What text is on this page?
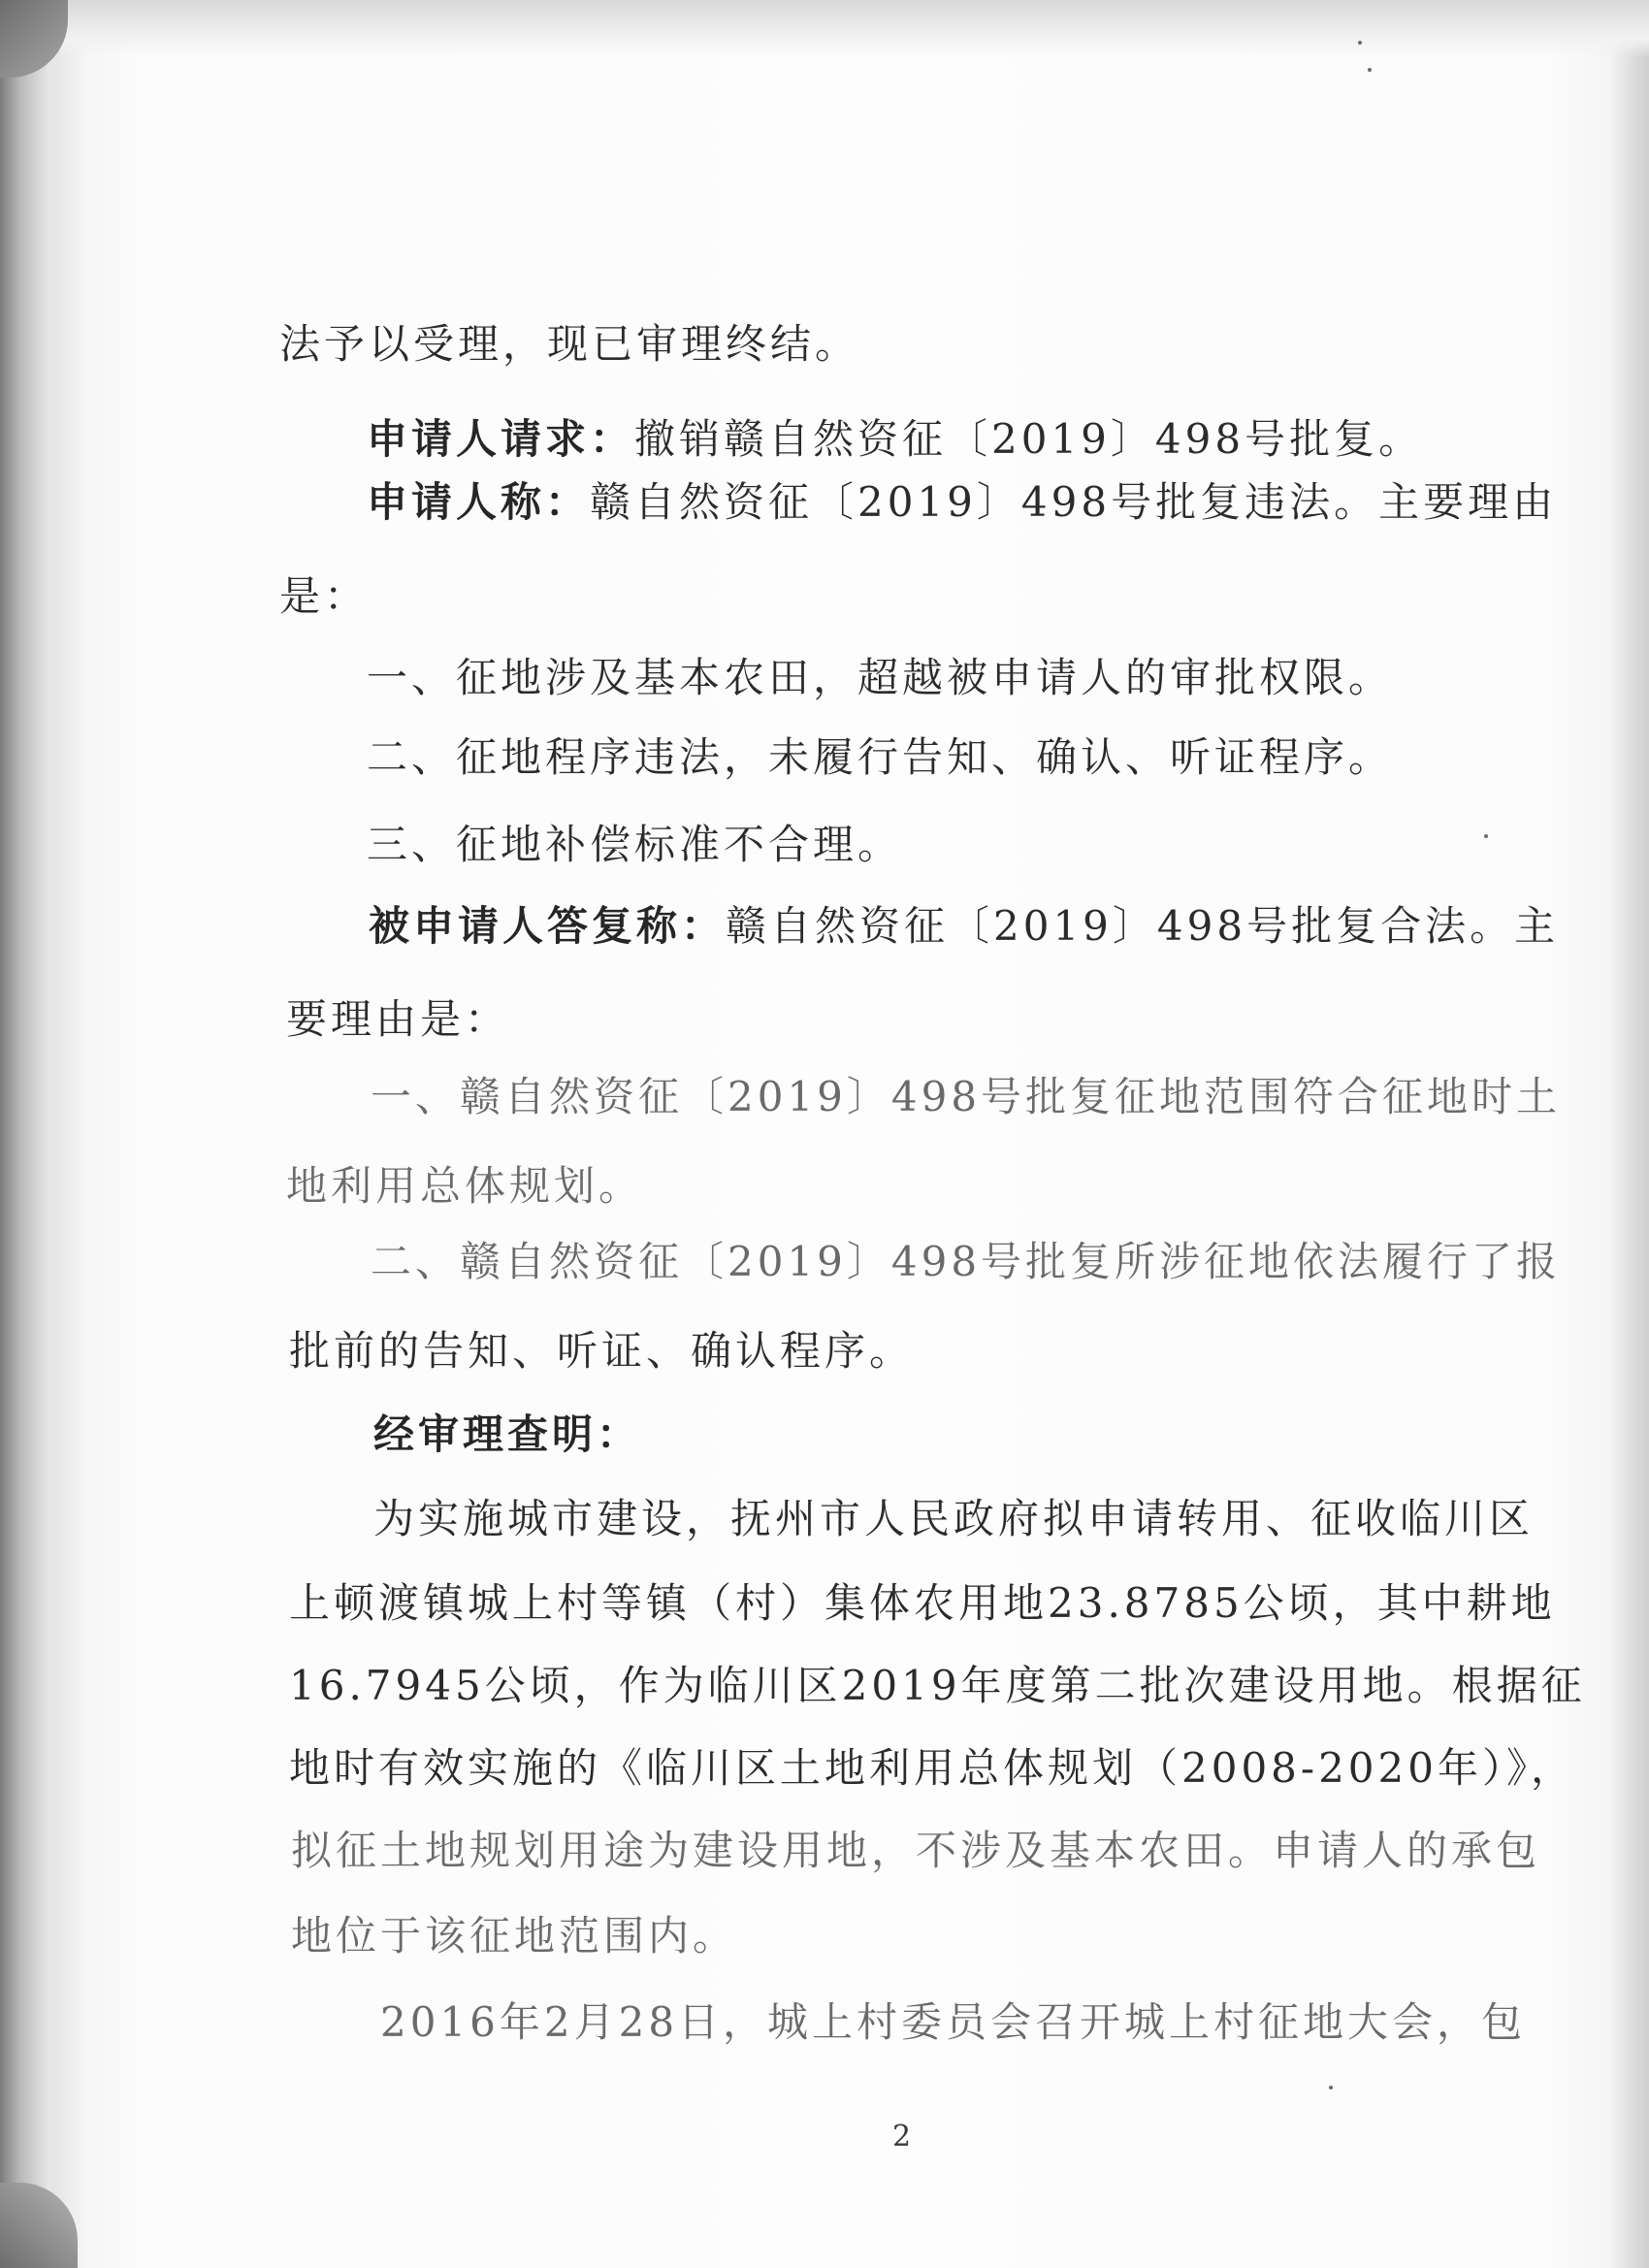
法予以受理，现已审理终结。
申请人请求：撤销赣自然资征〔2019〕498号批复。
申请人称：赣自然资征〔2019〕498号批复违法。主要理由
是：
一、征地涉及基本农田，超越被申请人的审批权限。
二、征地程序违法，未履行告知、确认、听证程序。
三、征地补偿标准不合理。
被申请人答复称：赣自然资征〔2019〕498号批复合法。主
要理由是：
一、赣自然资征〔2019〕498号批复征地范围符合征地时土
地利用总体规划。
二、赣自然资征〔2019〕498号批复所涉征地依法履行了报
批前的告知、听证、确认程序。
经审理查明：
为实施城市建设，抚州市人民政府拟申请转用、征收临川区
上顿渡镇城上村等镇（村）集体农用地23.8785公顷，其中耕地
16.7945公顷，作为临川区2019年度第二批次建设用地。根据征
地时有效实施的《临川区土地利用总体规划（2008-2020年）》，
拟征土地规划用途为建设用地，不涉及基本农田。申请人的承包
地位于该征地范围内。
2016年2月28日，城上村委员会召开城上村征地大会，包
2
